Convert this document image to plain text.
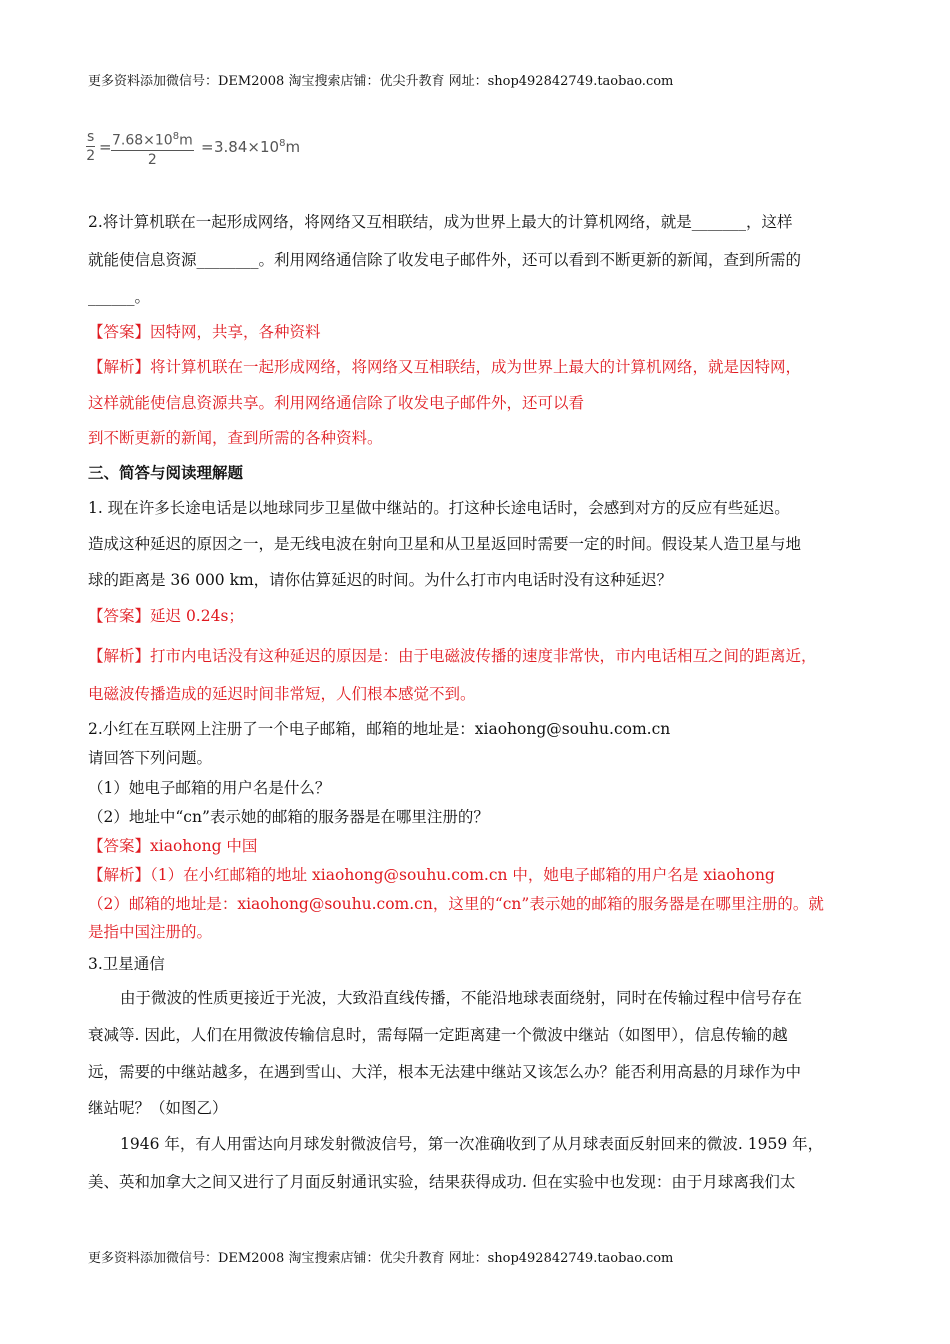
更多资料添加微信号：DEM2008 淘宝搜索店铺：优尖升教育 网址：shop492842749.taobao.com
s
$2 = 7.68\times 10^8m$
2
= $3.84\times 10^8m$
2.将计算机联在一起形成网络，将网络又互相联结，成为世界上最大的计算机网络，就是_______，这样
就能使信息资源________。利用网络通信除了收发电子邮件外，还可以看到不断更新的新闻，查到所需的
______。
【答案】因特网，共享，各种资料
【解析】将计算机联在一起形成网络，将网络又互相联结，成为世界上最大的计算机网络，就是因特网，
这样就能使信息资源共享。利用网络通信除了收发电子邮件外，还可以看
到不断更新的新闻，查到所需的各种资料。
三、简答与阅读理解题
1. 现在许多长途电话是以地球同步卫星做中继站的。打这种长途电话时，会感到对方的反应有些延迟。
造成这种延迟的原因之一，是无线电波在射向卫星和从卫星返回时需要一定的时间。假设某人造卫星与地
球的距离是 36 000 km，请你估算延迟的时间。为什么打市内电话时没有这种延迟？
【答案】延迟 0.24s；
【解析】打市内电话没有这种延迟的原因是：由于电磁波传播的速度非常快，市内电话相互之间的距离近，
电磁波传播造成的延迟时间非常短，人们根本感觉不到。
2.小红在互联网上注册了一个电子邮箱，邮箱的地址是：xiaohong@souhu.com.cn
请回答下列问题。
（1）她电子邮箱的用户名是什么？
（2）地址中“cn”表示她的邮箱的服务器是在哪里注册的？
【答案】xiaohong 中国
【解析】（1）在小红邮箱的地址 xiaohong@souhu.com.cn 中，她电子邮箱的用户名是 xiaohong
（2）邮箱的地址是：xiaohong@souhu.com.cn，这里的“cn”表示她的邮箱的服务器是在哪里注册的。就
是指中国注册的。
3.卫星通信
由于微波的性质更接近于光波，大致沿直线传播，不能沿地球表面绕射，同时在传输过程中信号存在
衰减等. 因此，人们在用微波传输信息时，需每隔一定距离建一个微波中继站（如图甲），信息传输的越
远，需要的中继站越多，在遇到雪山、大洋，根本无法建中继站又该怎么办？能否利用高悬的月球作为中
继站呢？（如图乙）
1946 年，有人用雷达向月球发射微波信号，第一次准确收到了从月球表面反射回来的微波. 1959 年，
美、英和加拿大之间又进行了月面反射通讯实验，结果获得成功. 但在实验中也发现：由于月球离我们太
更多资料添加微信号：DEM2008 淘宝搜索店铺：优尖升教育 网址：shop492842749.taobao.com
